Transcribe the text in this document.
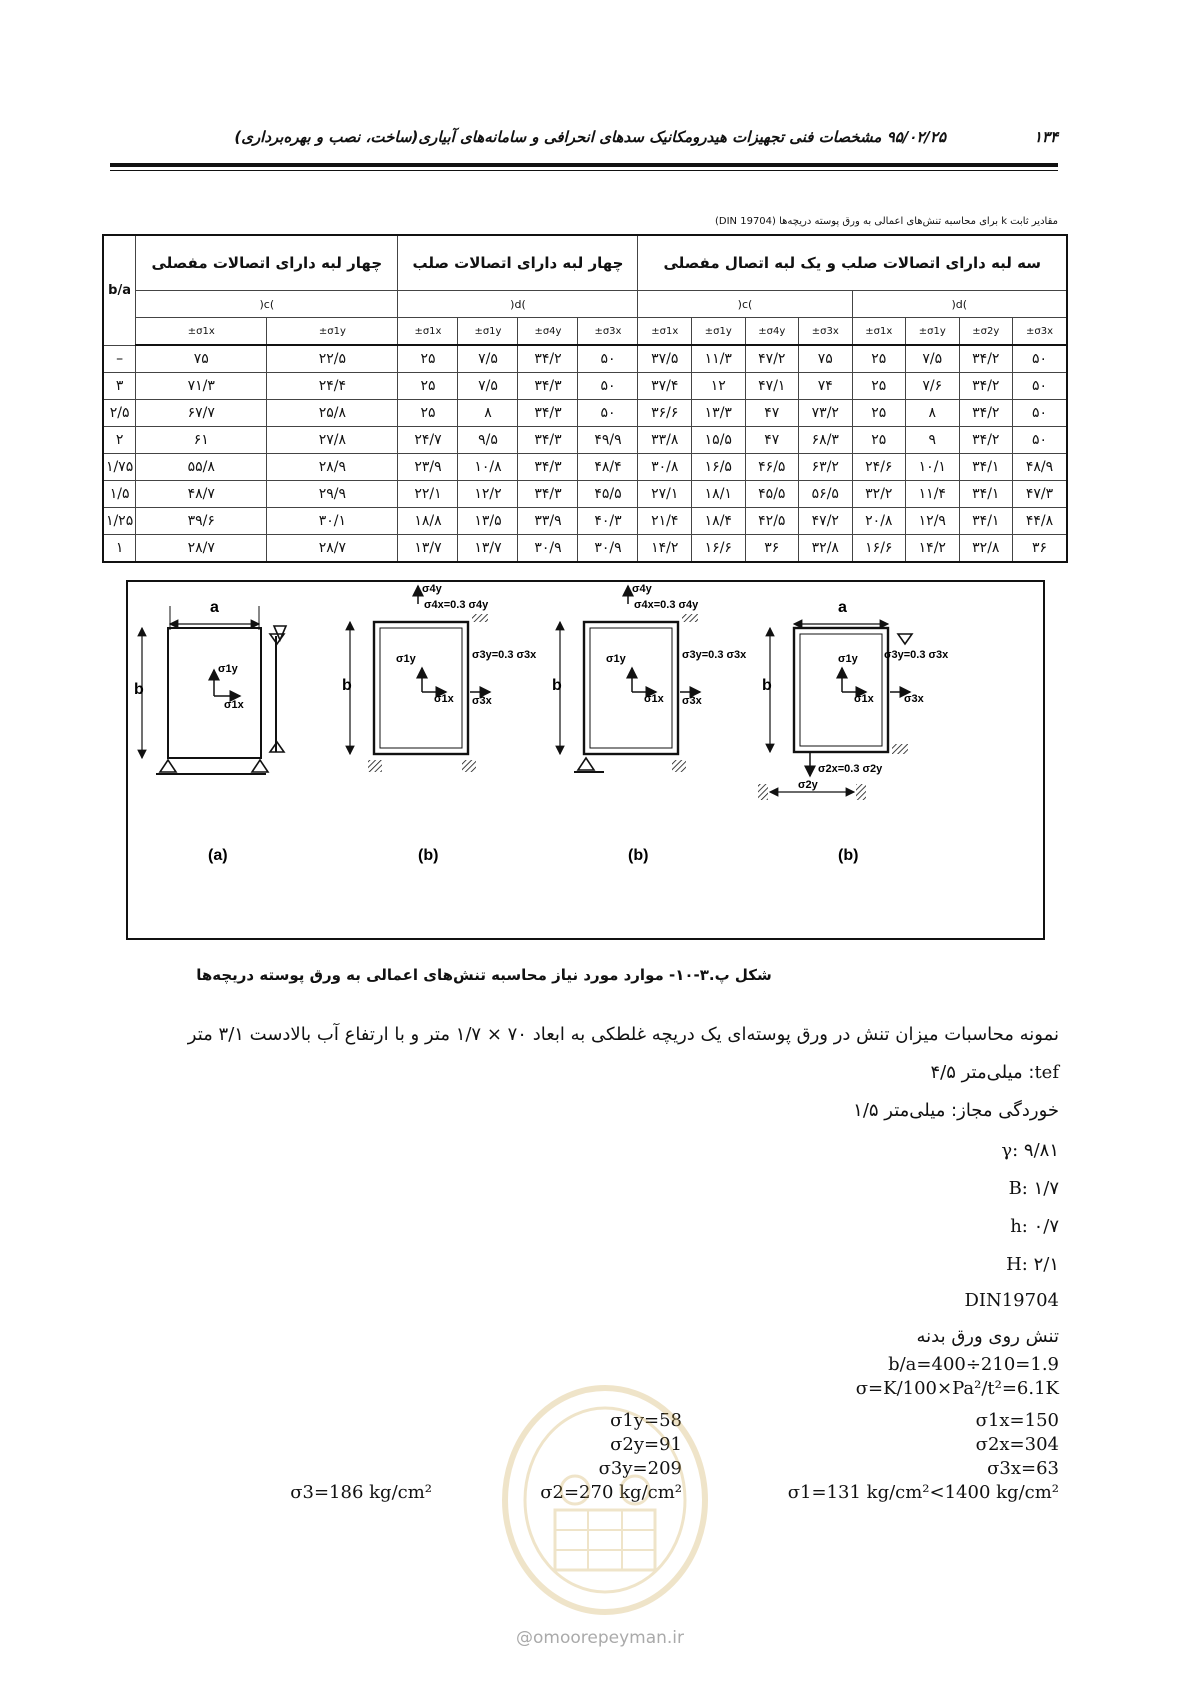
۱۳۴
۹۵/۰۲/۲۵ مشخصات فنی تجهیزات هیدرومکانیک سدهای انحرافی و سامانه‌های آبیاری(ساخت، نصب و بهره‌برداری)
مقادیر ثابت k برای محاسبه تنش‌های اعمالی به ورق پوسته دریچه‌ها (DIN 19704)
سه لبه دارای اتصالات صلب و یک لبه اتصال مفصلی								چهار لبه دارای اتصالات صلب				چهار لبه دارای اتصالات مفصلی		b/a
)d(				)c(				)d(				)c(		
±σ3x	±σ2y	±σ1y	±σ1x	±σ3x	±σ4y	±σ1y	±σ1x	±σ3x	±σ4y	±σ1y	±σ1x	±σ1y	±σ1x	
۵۰	۳۴/۲	۷/۵	۲۵	۷۵	۴۷/۲	۱۱/۳	۳۷/۵	۵۰	۳۴/۲	۷/۵	۲۵	۲۲/۵	۷۵	–
۵۰	۳۴/۲	۷/۶	۲۵	۷۴	۴۷/۱	۱۲	۳۷/۴	۵۰	۳۴/۳	۷/۵	۲۵	۲۴/۴	۷۱/۳	۳
۵۰	۳۴/۲	۸	۲۵	۷۳/۲	۴۷	۱۳/۳	۳۶/۶	۵۰	۳۴/۳	۸	۲۵	۲۵/۸	۶۷/۷	۲/۵
۵۰	۳۴/۲	۹	۲۵	۶۸/۳	۴۷	۱۵/۵	۳۳/۸	۴۹/۹	۳۴/۳	۹/۵	۲۴/۷	۲۷/۸	۶۱	۲
۴۸/۹	۳۴/۱	۱۰/۱	۲۴/۶	۶۳/۲	۴۶/۵	۱۶/۵	۳۰/۸	۴۸/۴	۳۴/۳	۱۰/۸	۲۳/۹	۲۸/۹	۵۵/۸	۱/۷۵
۴۷/۳	۳۴/۱	۱۱/۴	۳۲/۲	۵۶/۵	۴۵/۵	۱۸/۱	۲۷/۱	۴۵/۵	۳۴/۳	۱۲/۲	۲۲/۱	۲۹/۹	۴۸/۷	۱/۵
۴۴/۸	۳۴/۱	۱۲/۹	۲۰/۸	۴۷/۲	۴۲/۵	۱۸/۴	۲۱/۴	۴۰/۳	۳۳/۹	۱۳/۵	۱۸/۸	۳۰/۱	۳۹/۶	۱/۲۵
۳۶	۳۲/۸	۱۴/۲	۱۶/۶	۳۲/۸	۳۶	۱۶/۶	۱۴/۲	۳۰/۹	۳۰/۹	۱۳/۷	۱۳/۷	۲۸/۷	۲۸/۷	۱
a
b
σ1y
σ1x
(a)
b
σ1y
σ1x
σ4y
σ4x=0.3 σ4y
σ3y=0.3 σ3x
σ3x
(b)
b
σ1y
σ1x
σ4y
σ4x=0.3 σ4y
σ3y=0.3 σ3x
σ3x
(b)
a
b
σ1y
σ1x
σ3y=0.3 σ3x
σ3x
σ2x=0.3 σ2y
σ2y
(b)
شکل پ.۳-۱۰- موارد مورد نیاز محاسبه تنش‌های اعمالی به ورق پوسته دریچه‌ها
نمونه محاسبات میزان تنش در ورق پوسته‌ای یک دریچه غلطکی به ابعاد ۷۰ × ۱/۷ متر و با ارتفاع آب بالادست ۳/۱ متر
tef: میلی‌متر ۴/۵
خوردگی مجاز: میلی‌متر ۱/۵
γ: ۹/۸۱
B: ۱/۷
h: ۰/۷
H: ۲/۱
DIN19704
تنش روی ورق بدنه
b/a=400÷210=1.9
σ=K/100×Pa²/t²=6.1K
σ1x=150
σ2x=304
σ3x=63
σ1=131 kg/cm²<1400 kg/cm²
σ1y=58
σ2y=91
σ3y=209
σ2=270 kg/cm²
σ3=186 kg/cm²
@omoorepeyman.ir
